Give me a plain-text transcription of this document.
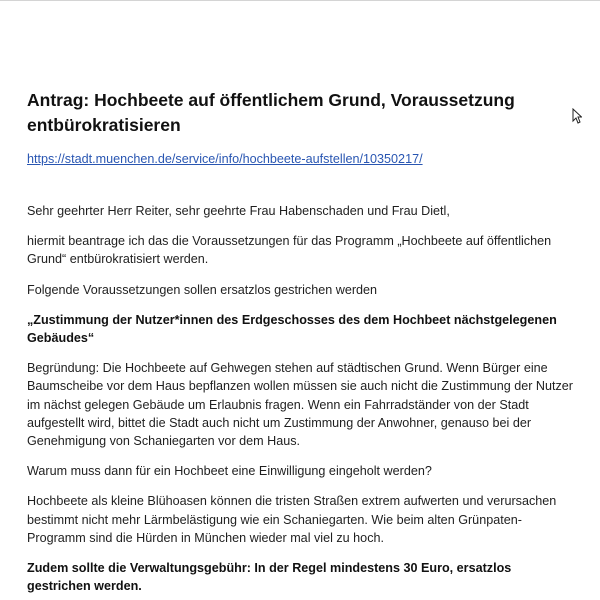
Antrag: Hochbeete auf öffentlichem Grund, Voraussetzung entbürokratisieren
https://stadt.muenchen.de/service/info/hochbeete-aufstellen/10350217/

Sehr geehrter Herr Reiter, sehr geehrte Frau Habenschaden und Frau Dietl,

hiermit beantrage ich das die Voraussetzungen für das Programm „Hochbeete auf öffentlichen Grund“ entbürokratisiert werden.

Folgende Voraussetzungen sollen ersatzlos gestrichen werden

„Zustimmung der Nutzer*innen des Erdgeschosses des dem Hochbeet nächstgelegenen Gebäudes“

Begründung: Die Hochbeete auf Gehwegen stehen auf städtischen Grund. Wenn Bürger eine Baumscheibe vor dem Haus bepflanzen wollen müssen sie auch nicht die Zustimmung der Nutzer im nächst gelegen Gebäude um Erlaubnis fragen. Wenn ein Fahrradständer von der Stadt aufgestellt wird, bittet die Stadt auch nicht um Zustimmung der Anwohner, genauso bei der Genehmigung von Schaniegarten vor dem Haus.

Warum muss dann für ein Hochbeet eine Einwilligung eingeholt werden?

Hochbeete als kleine Blühoasen können die tristen Straßen extrem aufwerten und verursachen bestimmt nicht mehr Lärmbelästigung wie ein Schaniegarten. Wie beim alten Grünpaten-Programm sind die Hürden in München wieder mal viel zu hoch.

Zudem sollte die Verwaltungsgebühr: In der Regel mindestens 30 Euro, ersatzlos gestrichen werden.
